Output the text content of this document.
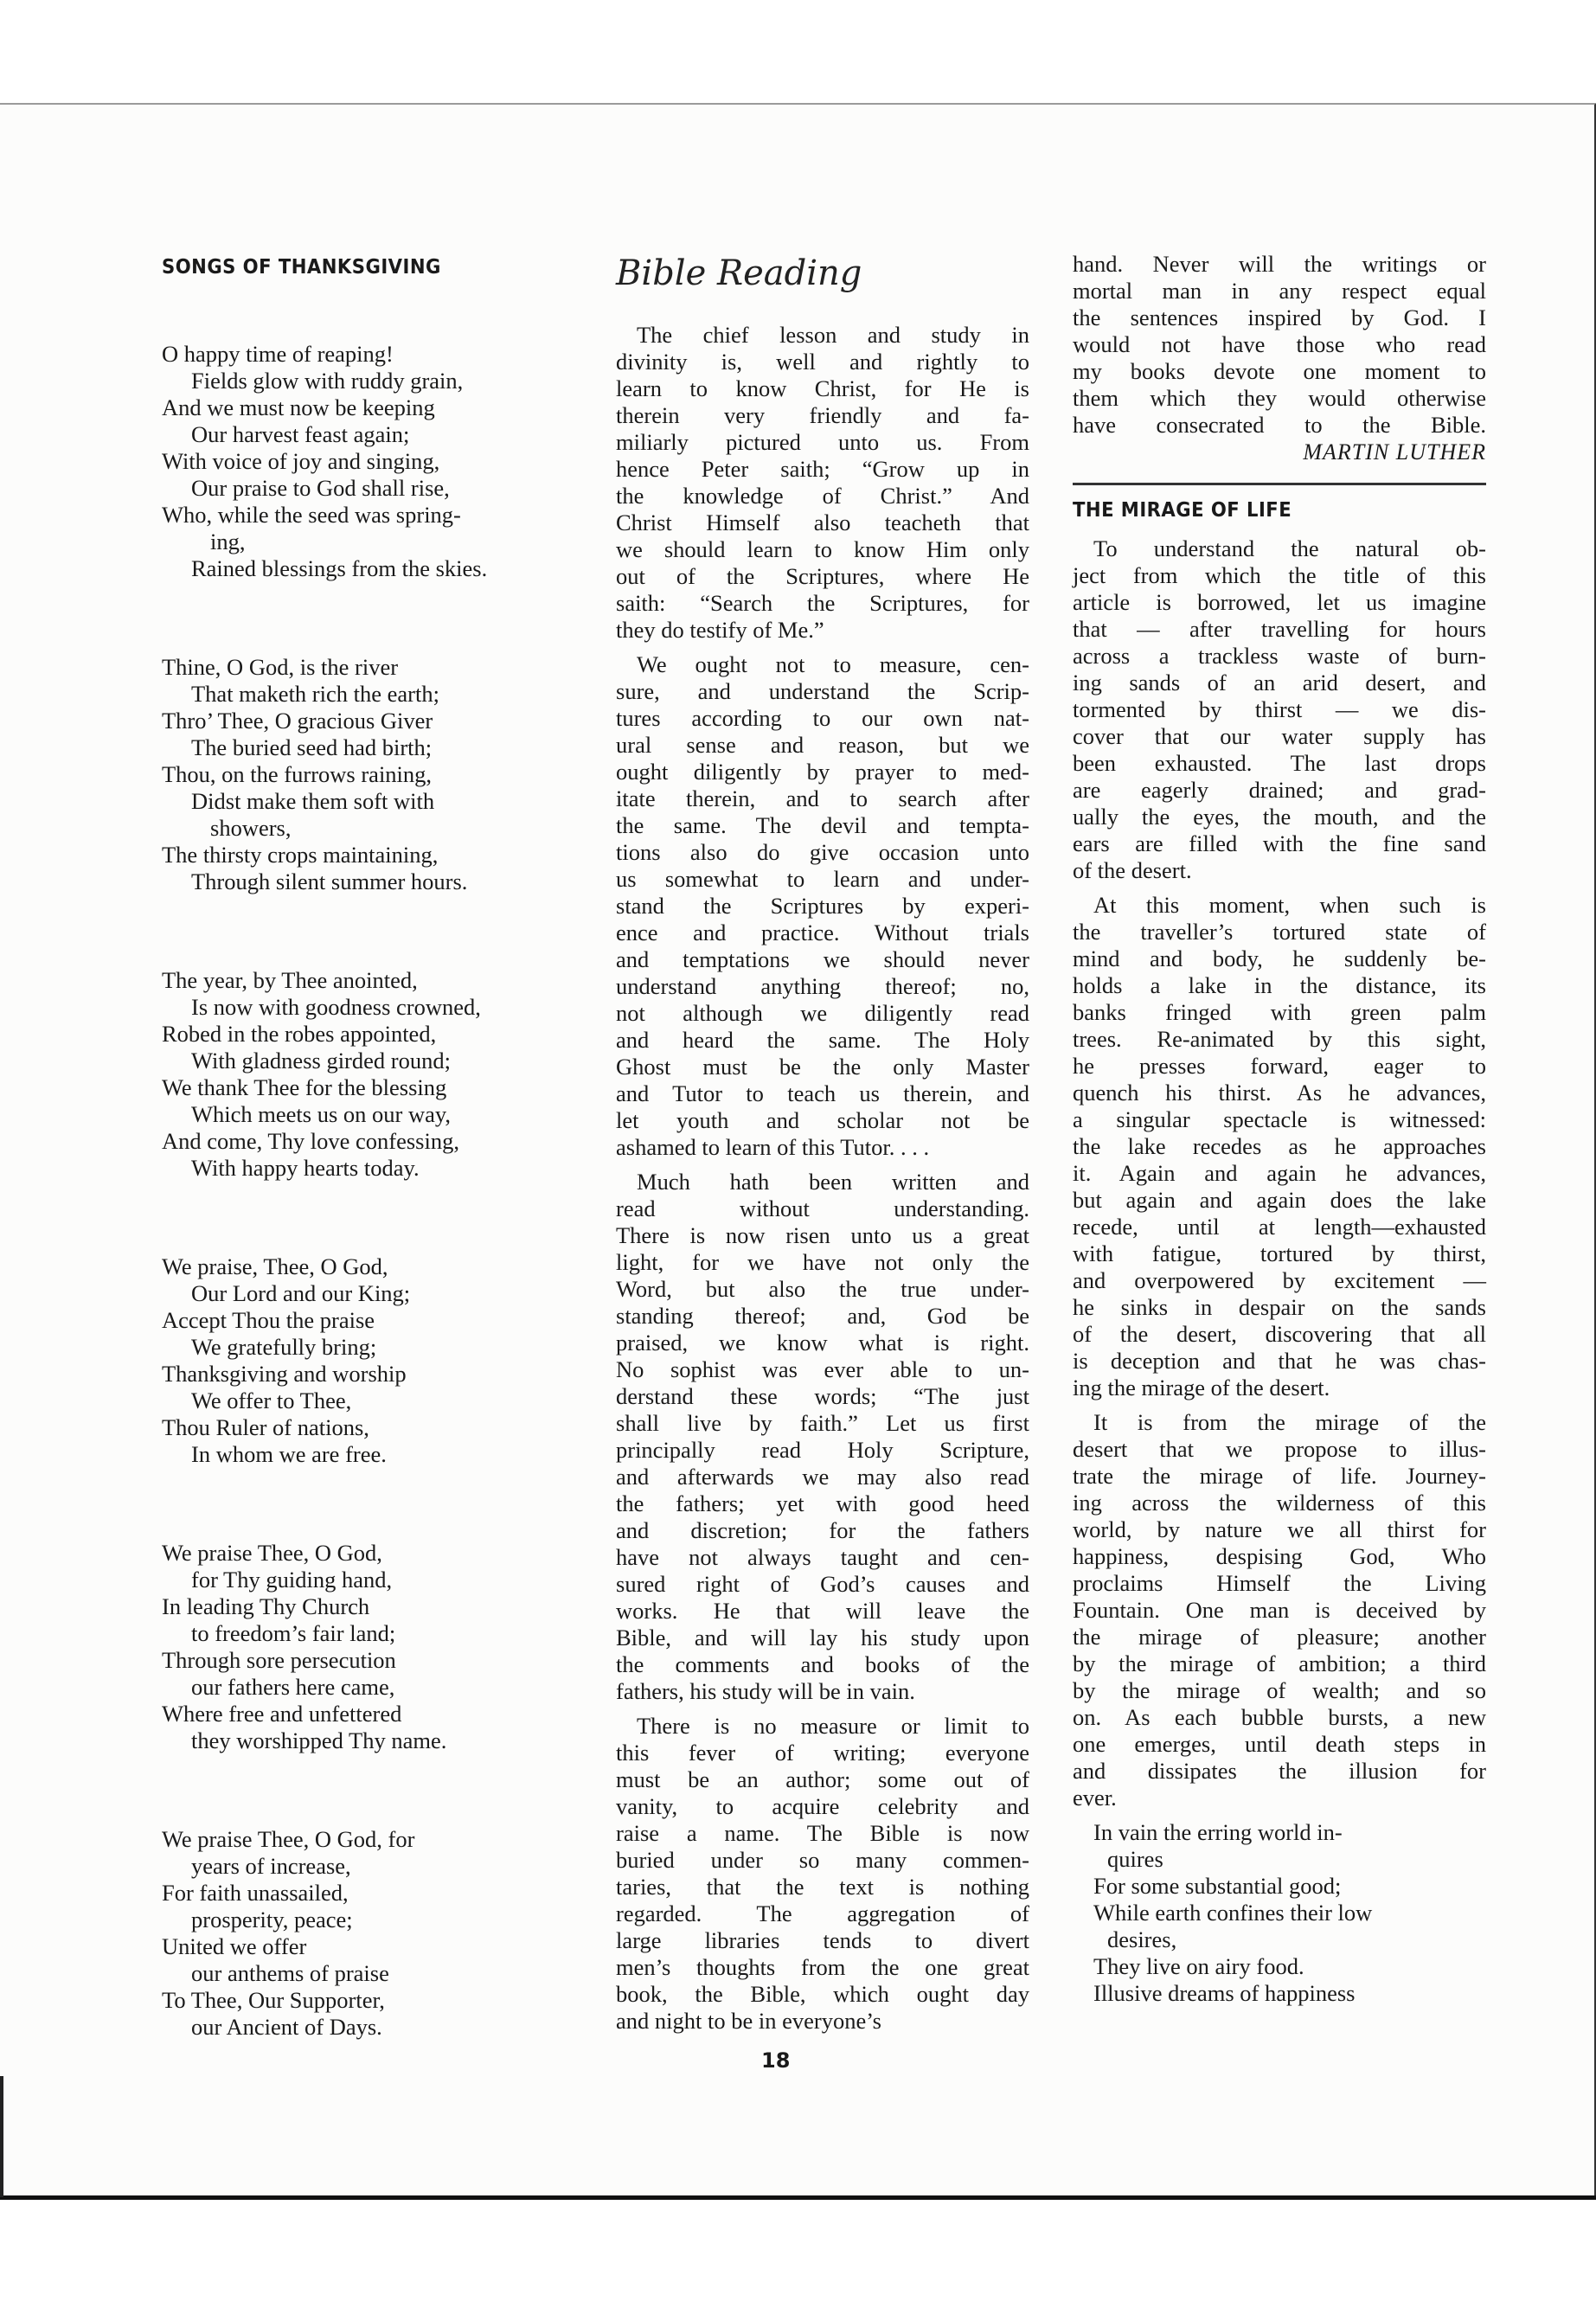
SONGS OF THANKSGIVING
O happy time of reaping!
Fields glow with ruddy grain,
And we must now be keeping
Our harvest feast again;
With voice of joy and singing,
Our praise to God shall rise,
Who, while the seed was spring-
ing,
Rained blessings from the skies.
Thine, O God, is the river
That maketh rich the earth;
Thro’ Thee, O gracious Giver
The buried seed had birth;
Thou, on the furrows raining,
Didst make them soft with
showers,
The thirsty crops maintaining,
Through silent summer hours.
The year, by Thee anointed,
Is now with goodness crowned,
Robed in the robes appointed,
With gladness girded round;
We thank Thee for the blessing
Which meets us on our way,
And come, Thy love confessing,
With happy hearts today.
We praise, Thee, O God,
Our Lord and our King;
Accept Thou the praise
We gratefully bring;
Thanksgiving and worship
We offer to Thee,
Thou Ruler of nations,
In whom we are free.
We praise Thee, O God,
for Thy guiding hand,
In leading Thy Church
to freedom’s fair land;
Through sore persecution
our fathers here came,
Where free and unfettered
they worshipped Thy name.
We praise Thee, O God, for
years of increase,
For faith unassailed,
prosperity, peace;
United we offer
our anthems of praise
To Thee, Our Supporter,
our Ancient of Days.
Bible Reading
The chief lesson and study in
divinity is, well and rightly to
learn to know Christ, for He is
therein very friendly and fa-
miliarly pictured unto us. From
hence Peter saith; “Grow up in
the knowledge of Christ.” And
Christ Himself also teacheth that
we should learn to know Him only
out of the Scriptures, where He
saith: “Search the Scriptures, for
they do testify of Me.”
We ought not to measure, cen-
sure, and understand the Scrip-
tures according to our own nat-
ural sense and reason, but we
ought diligently by prayer to med-
itate therein, and to search after
the same. The devil and tempta-
tions also do give occasion unto
us somewhat to learn and under-
stand the Scriptures by experi-
ence and practice. Without trials
and temptations we should never
understand anything thereof; no,
not although we diligently read
and heard the same. The Holy
Ghost must be the only Master
and Tutor to teach us therein, and
let youth and scholar not be
ashamed to learn of this Tutor. . . .
Much hath been written and
read without understanding.
There is now risen unto us a great
light, for we have not only the
Word, but also the true under-
standing thereof; and, God be
praised, we know what is right.
No sophist was ever able to un-
derstand these words; “The just
shall live by faith.” Let us first
principally read Holy Scripture,
and afterwards we may also read
the fathers; yet with good heed
and discretion; for the fathers
have not always taught and cen-
sured right of God’s causes and
works. He that will leave the
Bible, and will lay his study upon
the comments and books of the
fathers, his study will be in vain.
There is no measure or limit to
this fever of writing; everyone
must be an author; some out of
vanity, to acquire celebrity and
raise a name. The Bible is now
buried under so many commen-
taries, that the text is nothing
regarded. The aggregation of
large libraries tends to divert
men’s thoughts from the one great
book, the Bible, which ought day
and night to be in everyone’s
hand. Never will the writings or
mortal man in any respect equal
the sentences inspired by God. I
would not have those who read
my books devote one moment to
them which they would otherwise
have consecrated to the Bible.
MARTIN LUTHER
THE MIRAGE OF LIFE
To understand the natural ob-
ject from which the title of this
article is borrowed, let us imagine
that — after travelling for hours
across a trackless waste of burn-
ing sands of an arid desert, and
tormented by thirst — we dis-
cover that our water supply has
been exhausted. The last drops
are eagerly drained; and grad-
ually the eyes, the mouth, and the
ears are filled with the fine sand
of the desert.
At this moment, when such is
the traveller’s tortured state of
mind and body, he suddenly be-
holds a lake in the distance, its
banks fringed with green palm
trees. Re-animated by this sight,
he presses forward, eager to
quench his thirst. As he advances,
a singular spectacle is witnessed:
the lake recedes as he approaches
it. Again and again he advances,
but again and again does the lake
recede, until at length—exhausted
with fatigue, tortured by thirst,
and overpowered by excitement —
he sinks in despair on the sands
of the desert, discovering that all
is deception and that he was chas-
ing the mirage of the desert.
It is from the mirage of the
desert that we propose to illus-
trate the mirage of life. Journey-
ing across the wilderness of this
world, by nature we all thirst for
happiness, despising God, Who
proclaims Himself the Living
Fountain. One man is deceived by
the mirage of pleasure; another
by the mirage of ambition; a third
by the mirage of wealth; and so
on. As each bubble bursts, a new
one emerges, until death steps in
and dissipates the illusion for
ever.
In vain the erring world in-
quires
For some substantial good;
While earth confines their low
desires,
They live on airy food.
Illusive dreams of happiness
18
